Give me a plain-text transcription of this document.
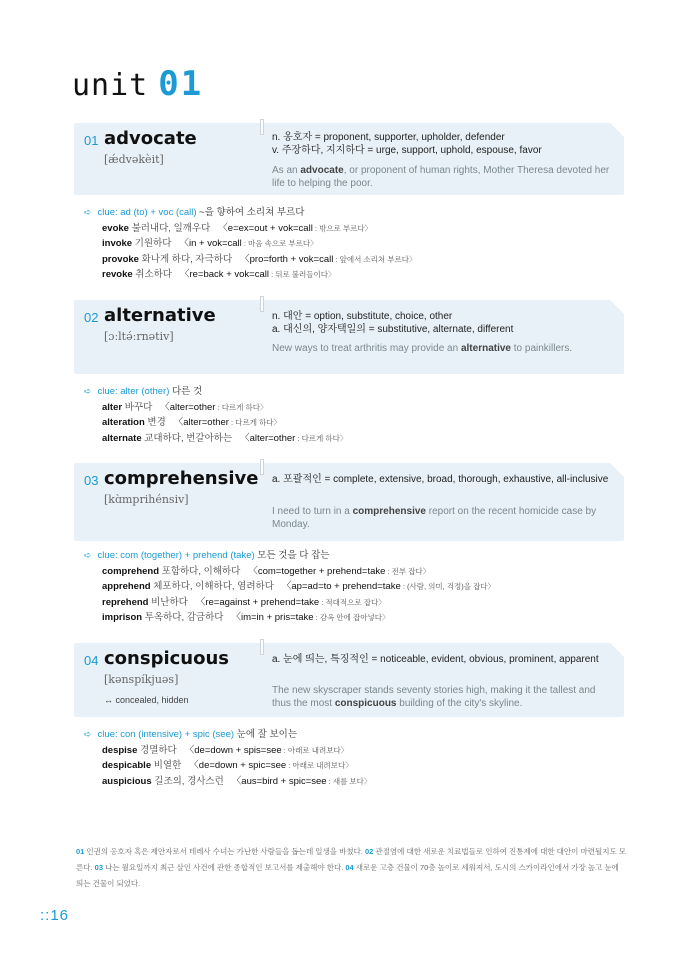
unit 01
01 advocate
[ǽdvəkèit]
n. 옹호자 = proponent, supporter, upholder, defender
v. 주장하다, 지지하다 = urge, support, uphold, espouse, favor
As an advocate, or proponent of human rights, Mother Theresa devoted her life to helping the poor.
➪ clue: ad (to) + voc (call) ~을 향하여 소리쳐 부르다
evoke 불러내다, 일깨우다 〈e=ex=out + vok=call : 밖으로 부르다〉
invoke 기원하다 〈in + vok=call : 마음 속으로 부르다〉
provoke 화나게 하다, 자극하다 〈pro=forth + vok=call : 앞에서 소리쳐 부르다〉
revoke 취소하다 〈re=back + vok=call : 뒤로 불러들이다〉
02 alternative
[ɔːltə́ːrnətiv]
n. 대안 = option, substitute, choice, other
a. 대신의, 양자택일의 = substitutive, alternate, different
New ways to treat arthritis may provide an alternative to painkillers.
➪ clue: alter (other) 다른 것
alter 바꾸다 〈alter=other : 다르게 하다〉
alteration 변경 〈alter=other : 다르게 하다〉
alternate 교대하다, 번갈아하는 〈alter=other : 다르게 하다〉
03 comprehensive
[kɑ̀mprihénsiv]
a. 포괄적인 = complete, extensive, broad, thorough, exhaustive, all-inclusive
I need to turn in a comprehensive report on the recent homicide case by Monday.
➪ clue: com (together) + prehend (take) 모든 것을 다 잡는
comprehend 포함하다, 이해하다 〈com=together + prehend=take : 전부 잡다〉
apprehend 체포하다, 이해하다, 염려하다 〈ap=ad=to + prehend=take : (사람, 의미, 걱정)을 잡다〉
reprehend 비난하다 〈re=against + prehend=take : 적대적으로 잡다〉
imprison 투옥하다, 감금하다 〈im=in + pris=take : 감옥 안에 잡아넣다〉
04 conspicuous
[kənspíkjuəs]
↔ concealed, hidden
a. 눈에 띄는, 특징적인 = noticeable, evident, obvious, prominent, apparent
The new skyscraper stands seventy stories high, making it the tallest and thus the most conspicuous building of the city's skyline.
➪ clue: con (intensive) + spic (see) 눈에 잘 보이는
despise 경멸하다 〈de=down + spis=see : 아래로 내려보다〉
despicable 비열한 〈de=down + spic=see : 아래로 내려보다〉
auspicious 길조의, 경사스런 〈aus=bird + spic=see : 새를 보다〉
01 인권의 옹호자 혹은 제안자로서 테레사 수녀는 가난한 사람들을 돕는데 일생을 바쳤다. 02 관절염에 대한 새로운 치료법들로 인하여 진통제에 대한 대안이 마련될지도 모른다. 03 나는 월요일까지 최근 살인 사건에 관한 종합적인 보고서를 제출해야 한다. 04 새로운 고층 건물이 70층 높이로 세워져서, 도시의 스카이라인에서 가장 높고 눈에 띄는 건물이 되었다.
::16
